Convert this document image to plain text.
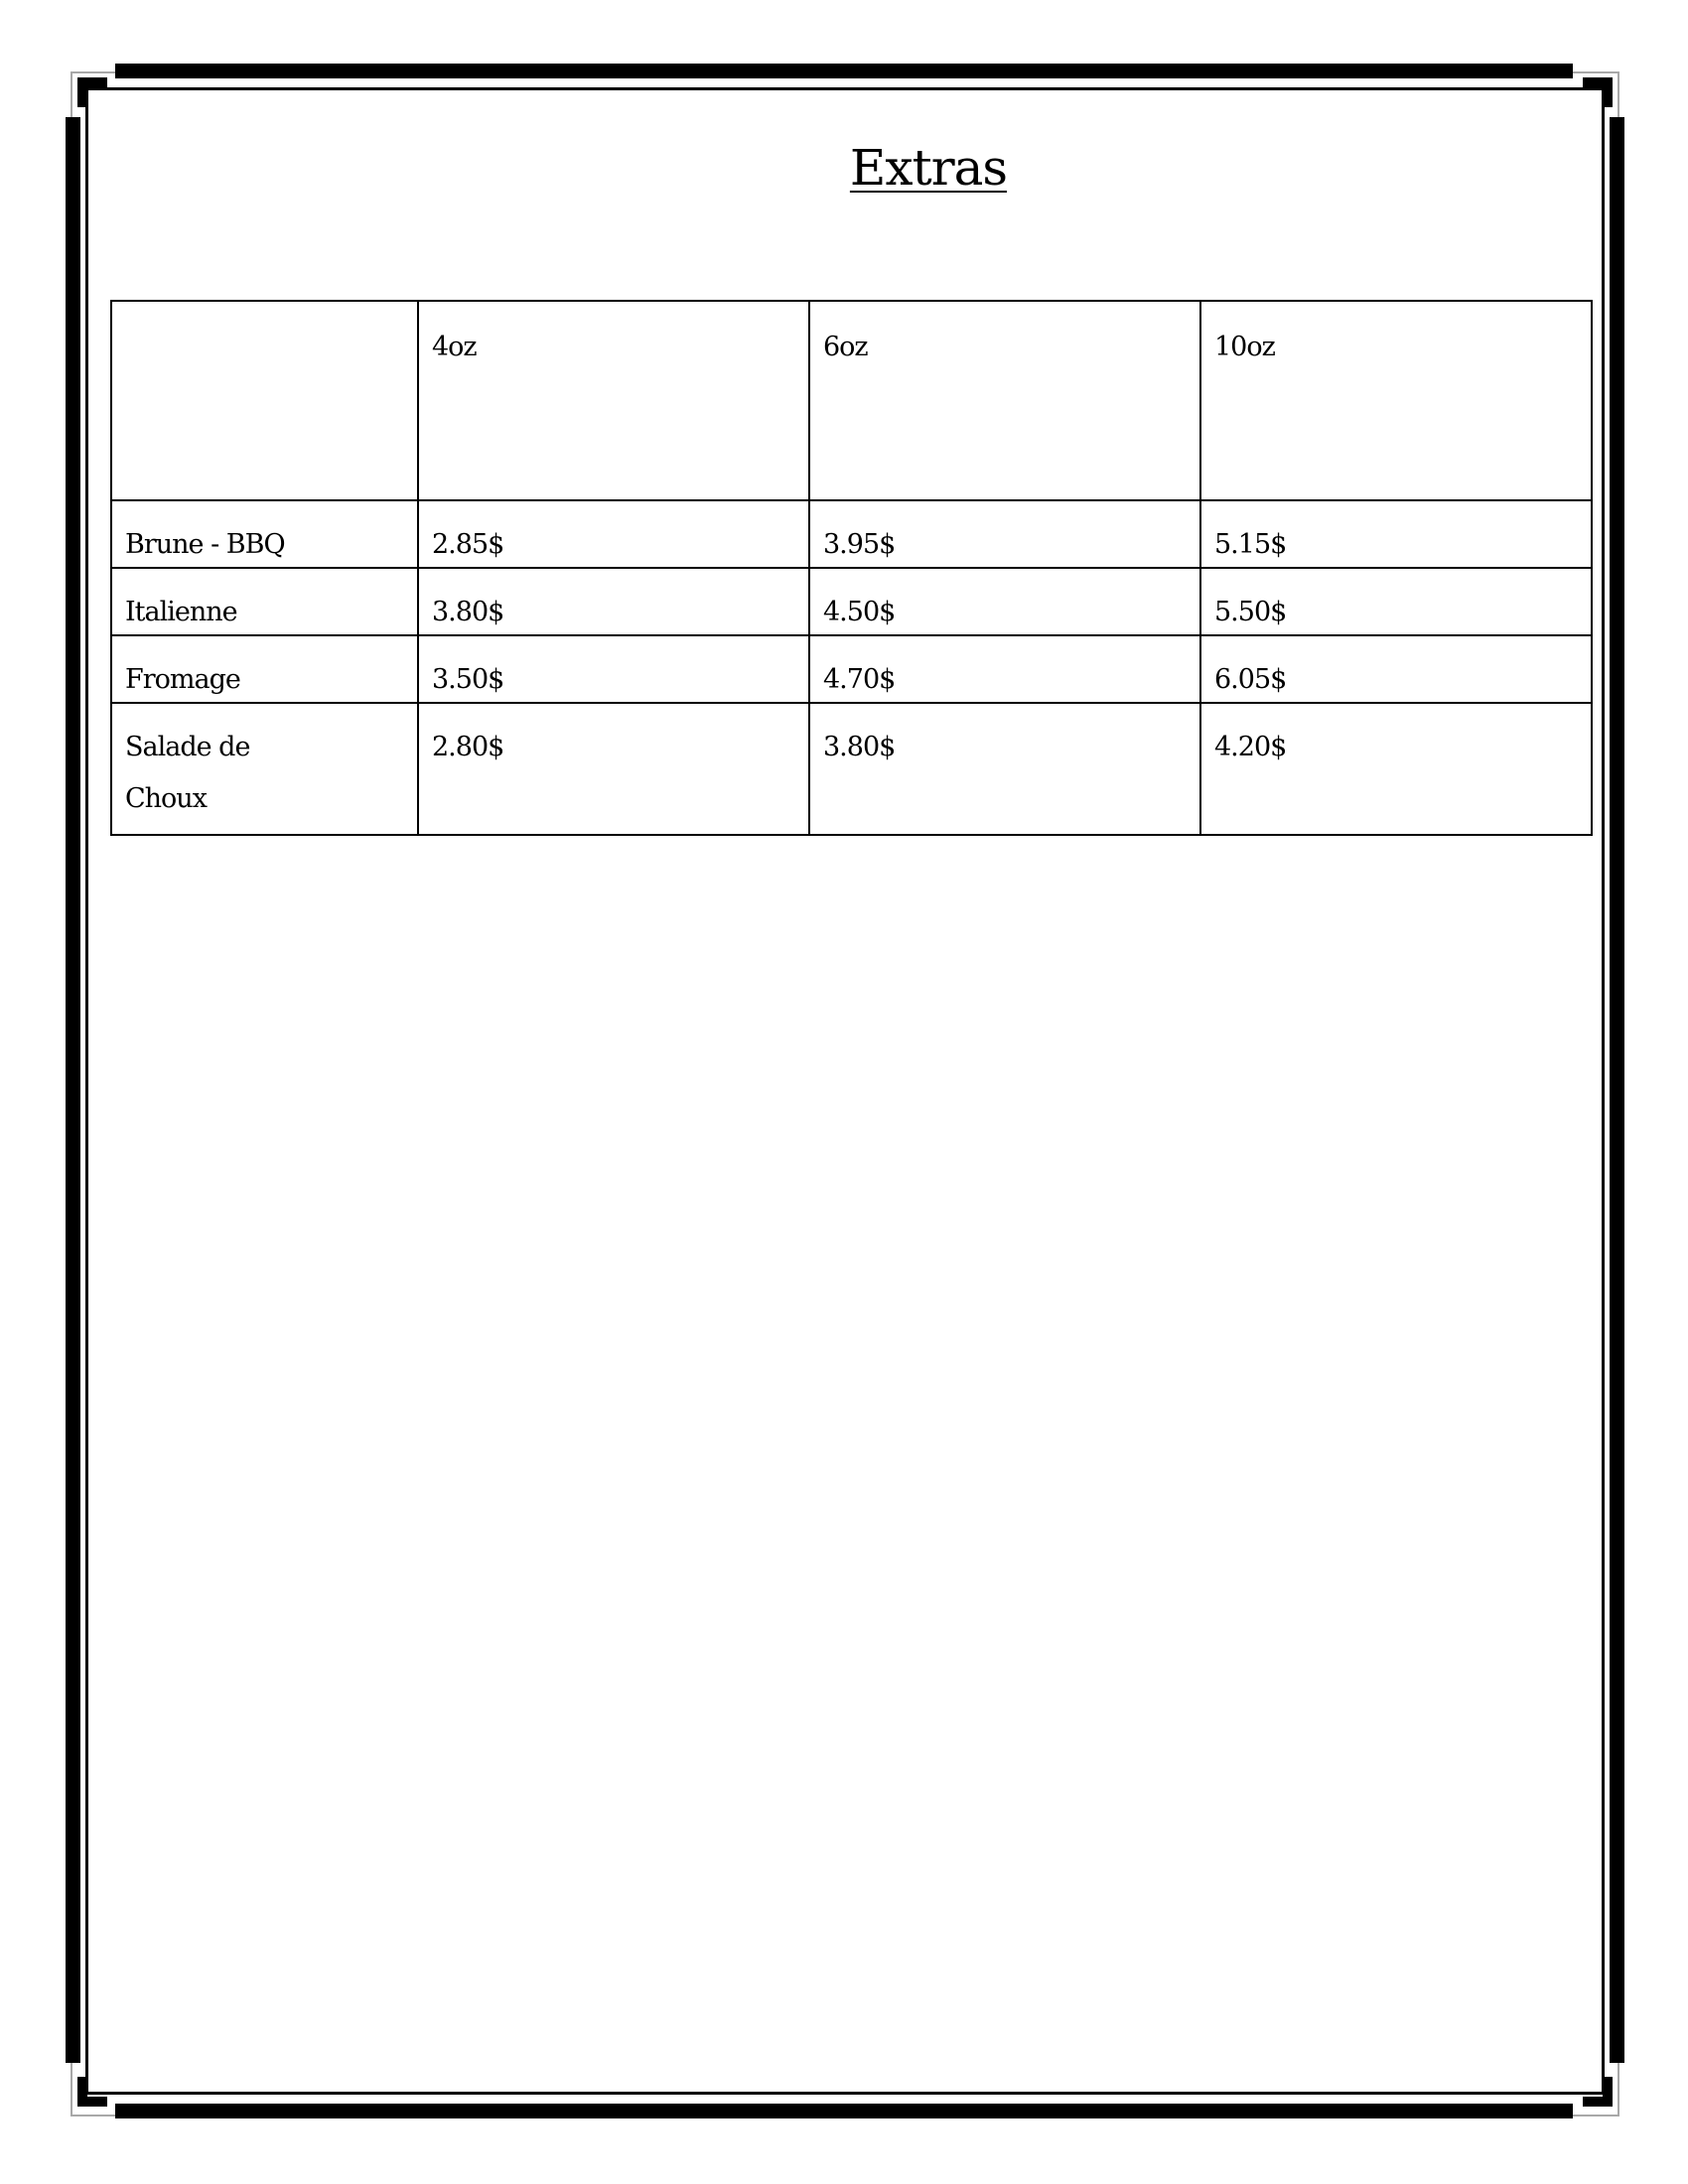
Extras

	4oz	6oz	10oz

Brune - BBQ	2.85$	3.95$	5.15$

Italienne	3.80$	4.50$	5.50$

Fromage	3.50$	4.70$	6.05$

Salade de Choux	2.80$	3.80$	4.20$
